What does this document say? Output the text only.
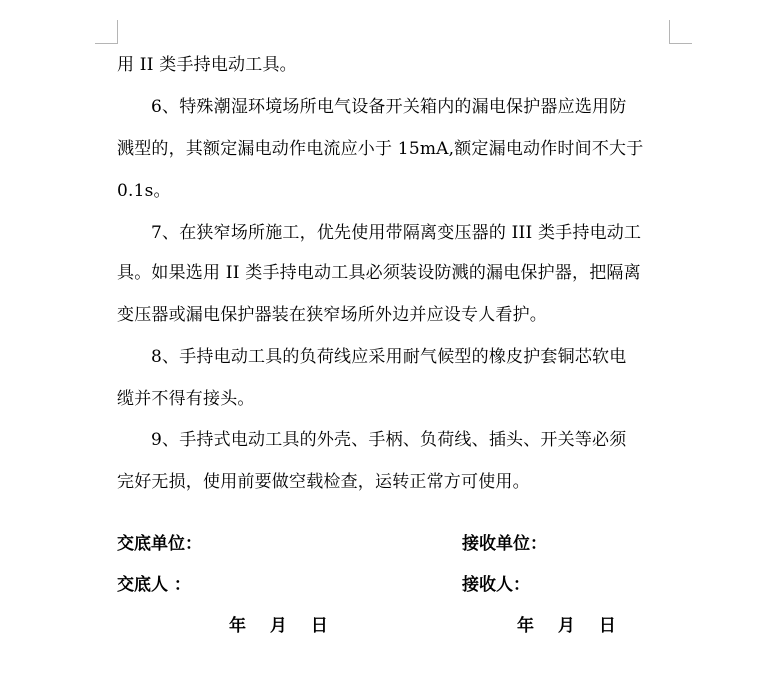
用 II 类手持电动工具。
6、特殊潮湿环境场所电气设备开关箱内的漏电保护器应选用防
溅型的，其额定漏电动作电流应小于 15mA,额定漏电动作时间不大于
0.1s。
7、在狭窄场所施工，优先使用带隔离变压器的 III 类手持电动工
具。如果选用 II 类手持电动工具必须装设防溅的漏电保护器，把隔离
变压器或漏电保护器装在狭窄场所外边并应设专人看护。
8、手持电动工具的负荷线应采用耐气候型的橡皮护套铜芯软电
缆并不得有接头。
9、手持式电动工具的外壳、手柄、负荷线、插头、开关等必须
完好无损，使用前要做空载检查，运转正常方可使用。
交底单位：	接收单位：
交底人 ：	接收人：
年 月 日	年 月 日
